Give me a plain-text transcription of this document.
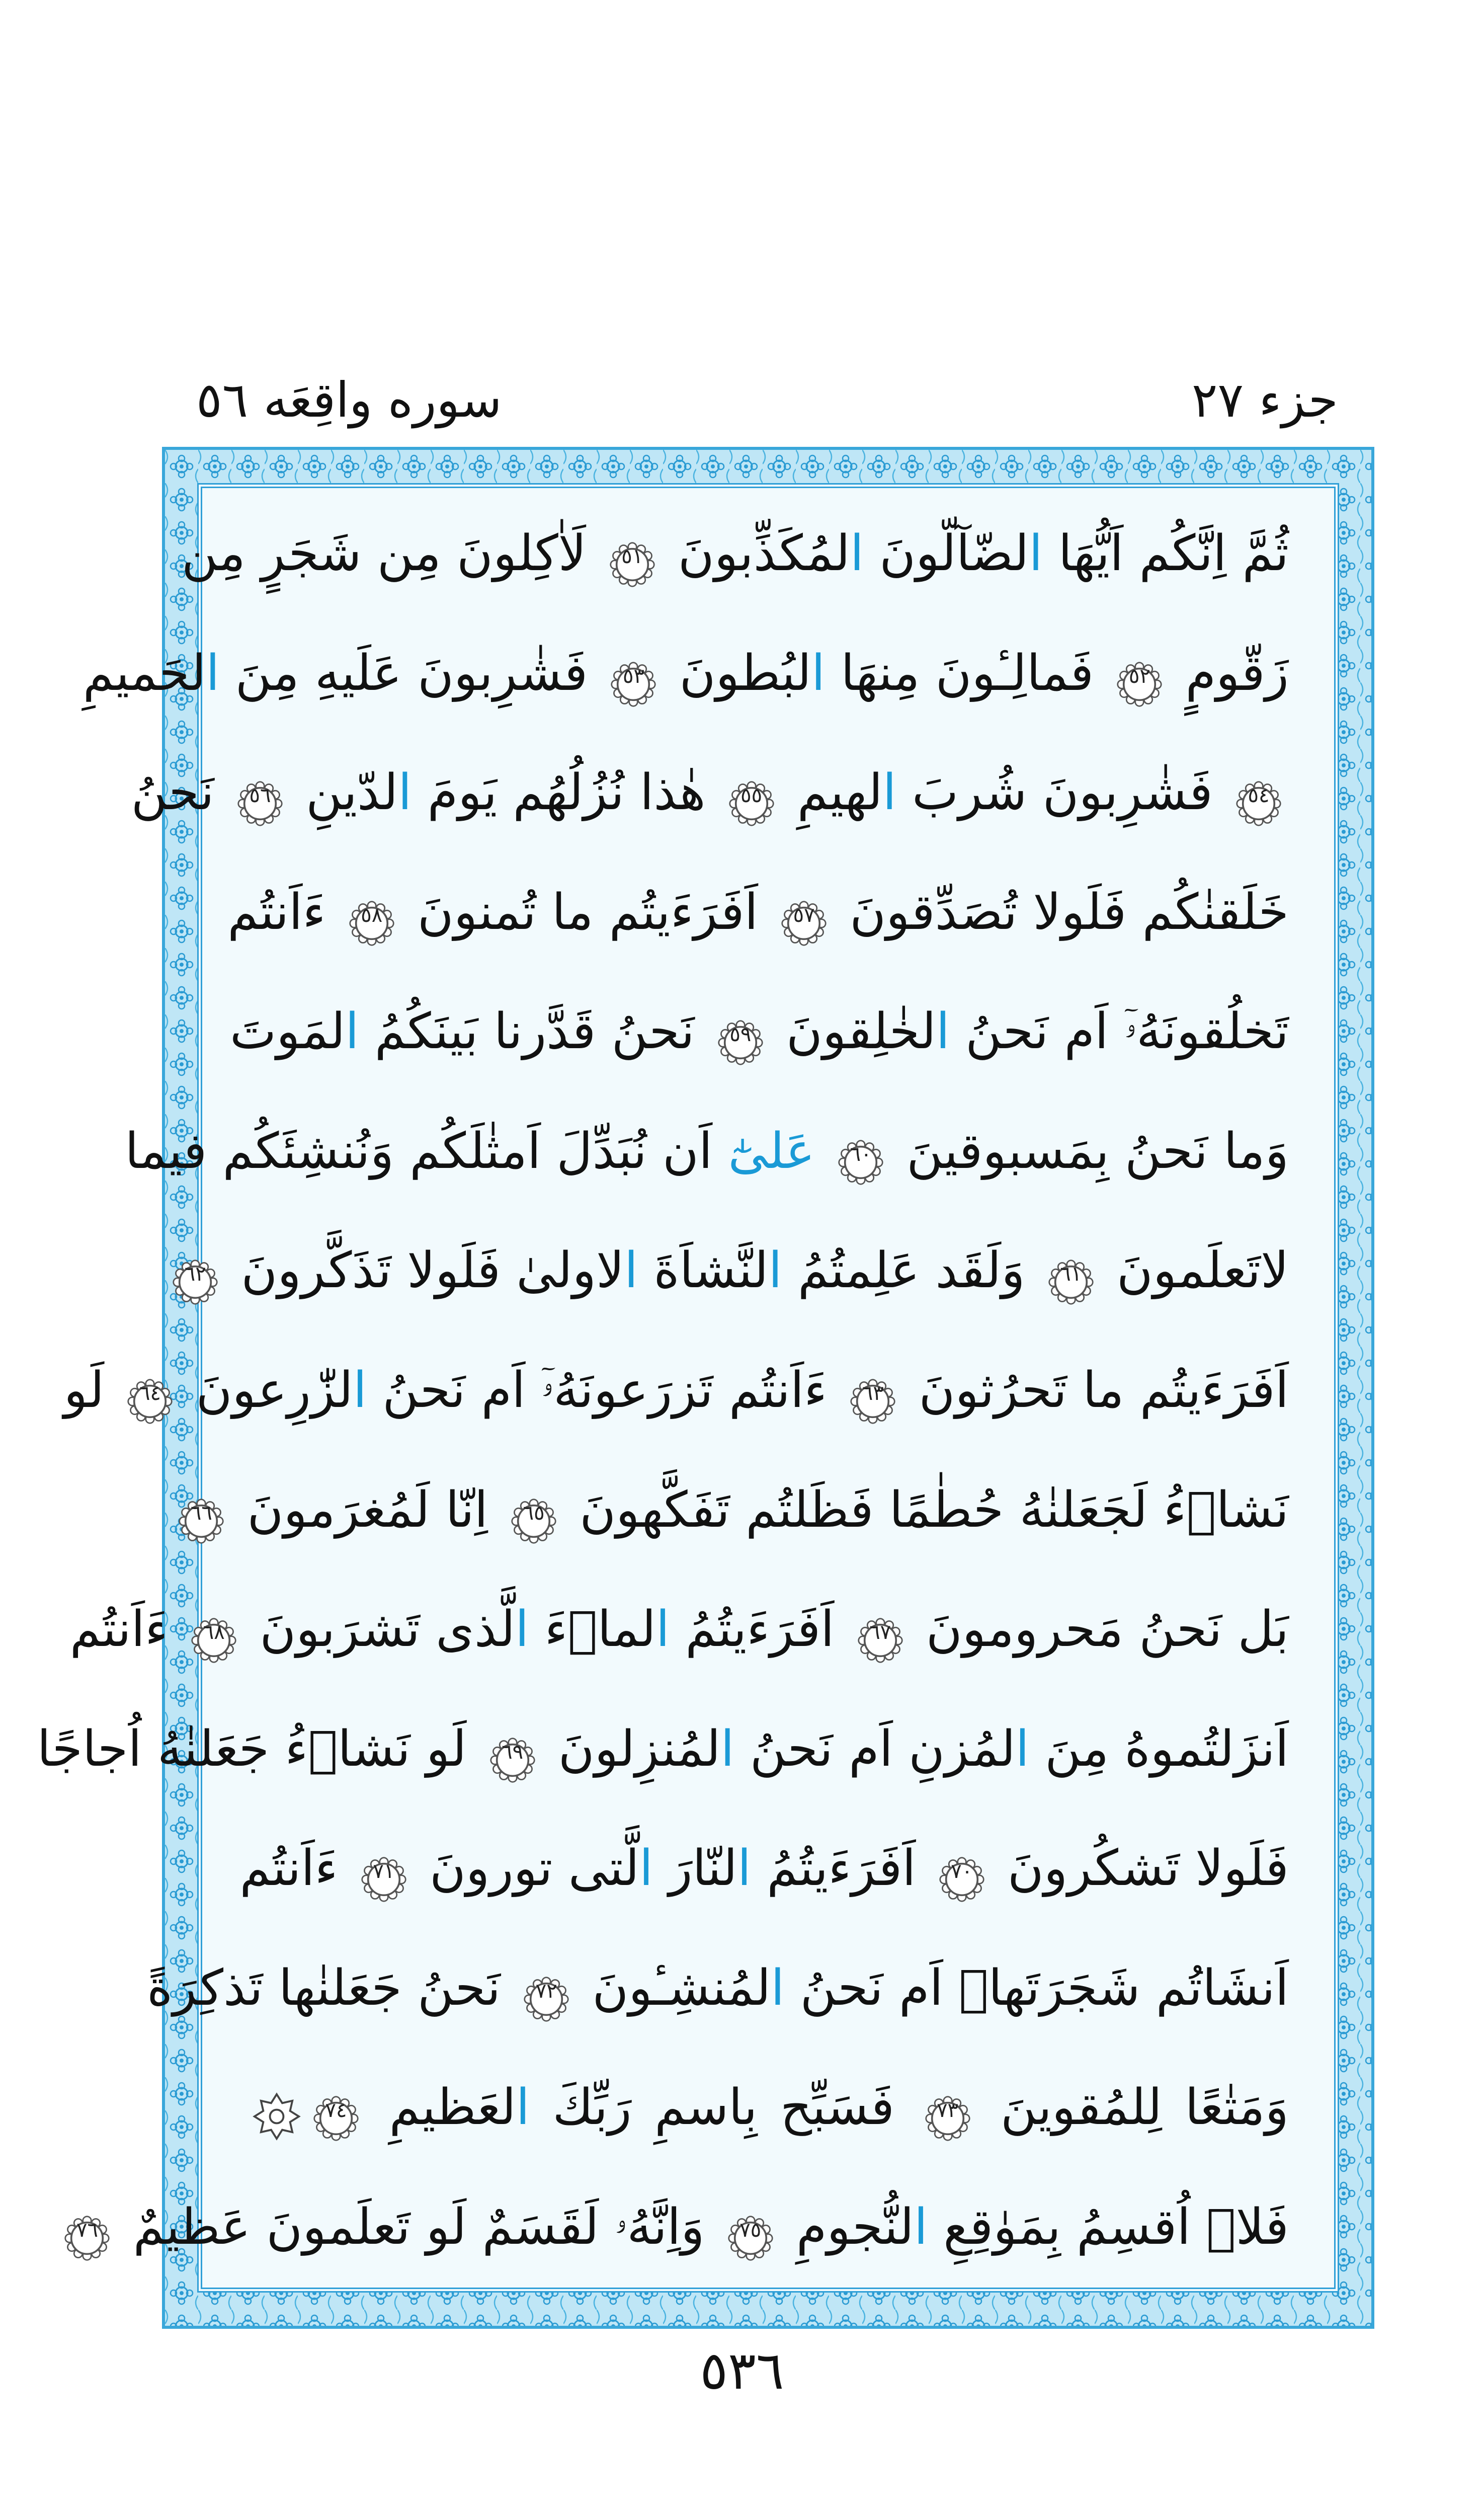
جزء ٢٧
سوره واقِعَه ٥٦
ثُمَّ اِنَّكُم اَيُّهَا الضّآلّونَ المُكَذِّبونَ
٥١
لَاٰكِلونَ مِن شَجَرٍ مِن
زَقّومٍ
٥٢
فَمالِـٔونَ مِنهَا البُطونَ
٥٣
فَشٰرِبونَ عَلَيهِ مِنَ الحَميمِ
٥٤
فَشٰرِبونَ شُربَ الهيمِ
٥٥
هٰذا نُزُلُهُم يَومَ الدّينِ
٥٦
نَحنُ
خَلَقنٰكُم فَلَولا تُصَدِّقونَ
٥٧
اَفَرَءَيتُم ما تُمنونَ
٥٨
ءَاَنتُم
تَخلُقونَهُۥٓ اَم نَحنُ الخٰلِقونَ
٥٩
نَحنُ قَدَّرنا بَينَكُمُ المَوتَ
وَما نَحنُ بِمَسبوقينَ
٦٠
عَلىٰٓ اَن نُبَدِّلَ اَمثٰلَكُم وَنُنشِئَكُم فيما
لاتَعلَمونَ
٦١
وَلَقَد عَلِمتُمُ النَّشاَةَ الاولىٰ فَلَولا تَذَكَّرونَ
٦٢
اَفَرَءَيتُم ما تَحرُثونَ
٦٣
ءَاَنتُم تَزرَعونَهُۥٓ اَم نَحنُ الزّٰرِعونَ
٦٤
لَو
نَشاۤءُ لَجَعَلنٰهُ حُطٰمًا فَظَلتُم تَفَكَّهونَ
٦٥
اِنّا لَمُغرَمونَ
٦٦
بَل نَحنُ مَحرومونَ
٦٧
اَفَرَءَيتُمُ الماۤءَ الَّذى تَشرَبونَ
٦٨
ءَاَنتُم
اَنزَلتُموهُ مِنَ المُزنِ اَم نَحنُ المُنزِلونَ
٦٩
لَو نَشاۤءُ جَعَلنٰهُ اُجاجًا
فَلَولا تَشكُرونَ
٧٠
اَفَرَءَيتُمُ النّارَ الَّتى تورونَ
٧١
ءَاَنتُم
اَنشَاتُم شَجَرَتَهاۤ اَم نَحنُ المُنشِـٔونَ
٧٢
نَحنُ جَعَلنٰها تَذكِرَةً
وَمَتٰعًا لِلمُقوينَ
٧٣
فَسَبِّح بِاسمِ رَبِّكَ العَظيمِ
٧٤
فَلاۤ اُقسِمُ بِمَوٰقِعِ النُّجومِ
٧٥
وَاِنَّهُۥ لَقَسَمٌ لَو تَعلَمونَ عَظيمٌ
٧٦
٥٣٦
